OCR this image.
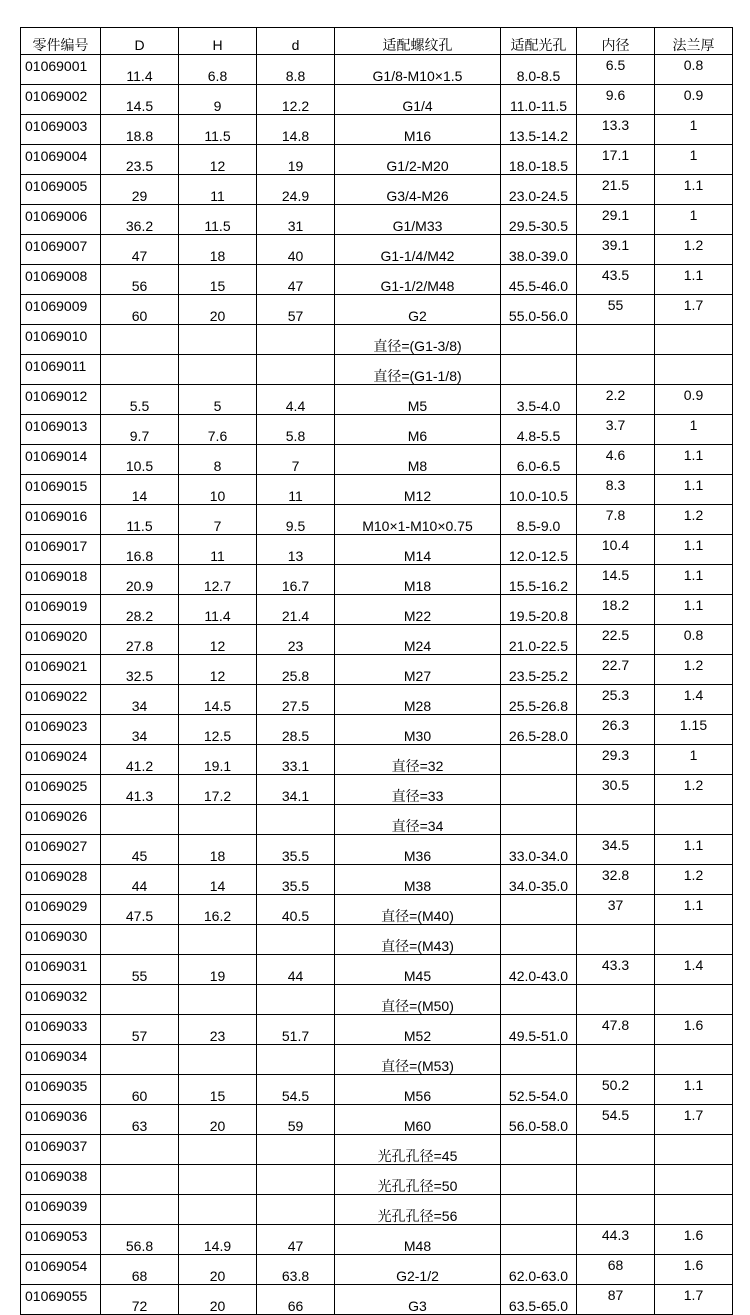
零件编号	D	H	d	适配螺纹孔	适配光孔	内径	法兰厚
01069001	11.4	6.8	8.8	G1/8-M10×1.5	8.0-8.5	6.5	0.8
01069002	14.5	9	12.2	G1/4	11.0-11.5	9.6	0.9
01069003	18.8	11.5	14.8	M16	13.5-14.2	13.3	1
01069004	23.5	12	19	G1/2-M20	18.0-18.5	17.1	1
01069005	29	11	24.9	G3/4-M26	23.0-24.5	21.5	1.1
01069006	36.2	11.5	31	G1/M33	29.5-30.5	29.1	1
01069007	47	18	40	G1-1/4/M42	38.0-39.0	39.1	1.2
01069008	56	15	47	G1-1/2/M48	45.5-46.0	43.5	1.1
01069009	60	20	57	G2	55.0-56.0	55	1.7
01069010				直径=(G1-3/8)			
01069011				直径=(G1-1/8)			
01069012	5.5	5	4.4	M5	3.5-4.0	2.2	0.9
01069013	9.7	7.6	5.8	M6	4.8-5.5	3.7	1
01069014	10.5	8	7	M8	6.0-6.5	4.6	1.1
01069015	14	10	11	M12	10.0-10.5	8.3	1.1
01069016	11.5	7	9.5	M10×1-M10×0.75	8.5-9.0	7.8	1.2
01069017	16.8	11	13	M14	12.0-12.5	10.4	1.1
01069018	20.9	12.7	16.7	M18	15.5-16.2	14.5	1.1
01069019	28.2	11.4	21.4	M22	19.5-20.8	18.2	1.1
01069020	27.8	12	23	M24	21.0-22.5	22.5	0.8
01069021	32.5	12	25.8	M27	23.5-25.2	22.7	1.2
01069022	34	14.5	27.5	M28	25.5-26.8	25.3	1.4
01069023	34	12.5	28.5	M30	26.5-28.0	26.3	1.15
01069024	41.2	19.1	33.1	直径=32		29.3	1
01069025	41.3	17.2	34.1	直径=33		30.5	1.2
01069026				直径=34			
01069027	45	18	35.5	M36	33.0-34.0	34.5	1.1
01069028	44	14	35.5	M38	34.0-35.0	32.8	1.2
01069029	47.5	16.2	40.5	直径=(M40)		37	1.1
01069030				直径=(M43)			
01069031	55	19	44	M45	42.0-43.0	43.3	1.4
01069032				直径=(M50)			
01069033	57	23	51.7	M52	49.5-51.0	47.8	1.6
01069034				直径=(M53)			
01069035	60	15	54.5	M56	52.5-54.0	50.2	1.1
01069036	63	20	59	M60	56.0-58.0	54.5	1.7
01069037				光孔孔径=45			
01069038				光孔孔径=50			
01069039				光孔孔径=56			
01069053	56.8	14.9	47	M48		44.3	1.6
01069054	68	20	63.8	G2-1/2	62.0-63.0	68	1.6
01069055	72	20	66	G3	63.5-65.0	87	1.7
